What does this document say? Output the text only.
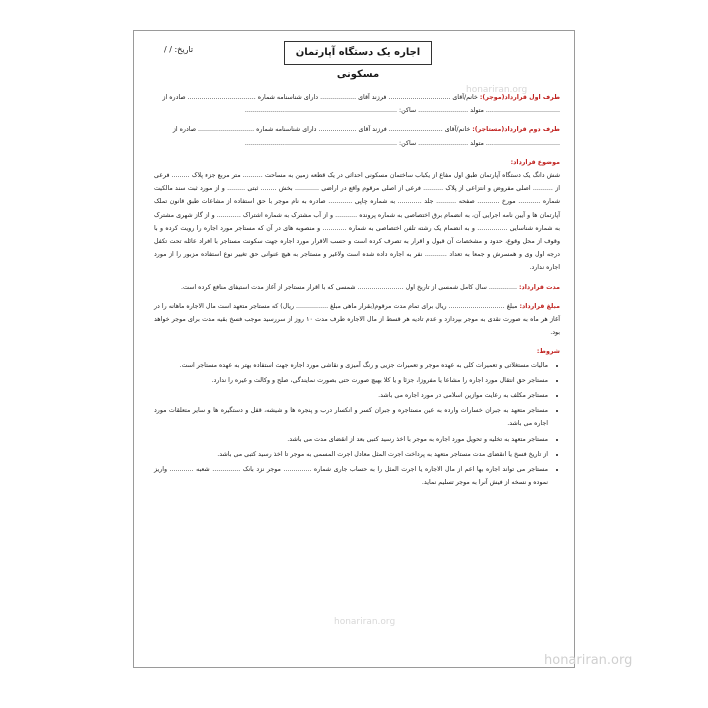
اجاره یک دستگاه آپارتمان مسکونی
تاریخ: / /
honariran.org
honariran.org
honariran.org
طرف اول قرارداد(موجر): خانم/آقای ............................... فرزند آقای .................. دارای شناسنامه شماره .................................. صادره از
..................................... متولد ......................... ساکن: ............................................................................
طرف دوم قرارداد(مستاجر): خانم/آقای ........................... فرزند آقای ................... دارای شناسنامه شماره ............................ صادره از
..................................... متولد ......................... ساکن: ............................................................................
موضوع قرارداد:
شش دانگ یک دستگاه آپارتمان طبق اول مفاع از یکباب ساختمان مسکونی احداثی در یک قطعه زمین به مساحت .......... متر مربع جزء پلاک ......... فرعی از .......... اصلی مفروض و انتزاعی از پلاک .......... فرعی از اصلی مرقوم واقع در اراضی ............ بخش ........ ثبتی ......... و از مورد ثبت سند مالکیت شماره ........... مورخ ........... صفحه .......... جلد ............ به شماره چاپی ............ صادره به نام موجر با حق استفاده از مشاعات طبق قانون تملک آپارتمان ها و آیین نامه اجرایی آن، به انضمام برق اختصاصی به شماره پرونده ........... و از آب مشترک به شماره اشتراک ............ و از گاز شهری مشترک به شماره شناسایی ............... و به انضمام یک رشته تلفن اختصاصی به شماره ............ و منصوبه های در آن که مستاجر مورد اجاره را رویت کرده و با وقوف از محل وقوع، حدود و مشخصات آن قبول و اقرار به تصرف کرده است و حسب الاقرار مورد اجاره جهت سکونت مستاجر با افراد عائله تحت تکفل درجه اول وی و همسرش و جمعا به تعداد ........... نفر به اجاره داده شده است ولاغیر و مستاجر به هیچ عنوانی حق تغییر نوع استفاده مزبور را از مورد اجاره ندارد.
مدت قرارداد: .............. سال کامل شمسی از تاریخ اول ....................... شمسی که با اقرار مستاجر از آغاز مدت استیفای منافع کرده است.
مبلغ قرارداد: مبلغ ............................ ریال برای تمام مدت مرقوم(بقرار ماهی مبلغ ................ ریال) که مستاجر متعهد است مال الاجاره ماهانه را در آغاز هر ماه به صورت نقدی به موجر بپردازد و عدم تادیه هر قسط از مال الاجاره طرف مدت ۱۰ روز از سررسید موجب فسخ بقیه مدت برای موجر خواهد بود.
شروط:
• مالیات مستغلاتی و تعمیرات کلی به عهده موجر و تعمیرات جزیی و رنگ آمیزی و نقاشی مورد اجاره جهت استفاده بهتر به عهده مستاجر است.
• مستاجر حق انتقال مورد اجاره را مشاعا یا مفروزا، جزئا و یا کلا بهیچ صورت حتی بصورت نمایندگی، صلح و وکالت و غیره را ندارد.
• مستاجر مکلف به رعایت موازین اسلامی در مورد اجاره می باشد.
• مستاجر متعهد به جبران خسارات وارده به عین مستاجره و جبران کسر و انکسار درب و پنجره ها و شیشه، قفل و دستگیره ها و سایر متعلقات مورد اجاره می باشد.
• مستاجر متعهد به تخلیه و تحویل مورد اجاره به موجر با اخذ رسید کتبی بعد از انقضای مدت می باشد.
• از تاریخ فسخ یا انقضای مدت مستاجر متعهد به پرداخت اجرت المثل معادل اجرت المسمی به موجر تا اخذ رسید کتبی می باشد.
• مستاجر می تواند اجاره بها اعم از مال الاجاره یا اجرت المثل را به حساب جاری شماره .............. موجر نزد بانک .............. شعبه ............ واریز نموده و نسخه از فیش آنرا به موجر تسلیم نماید.
